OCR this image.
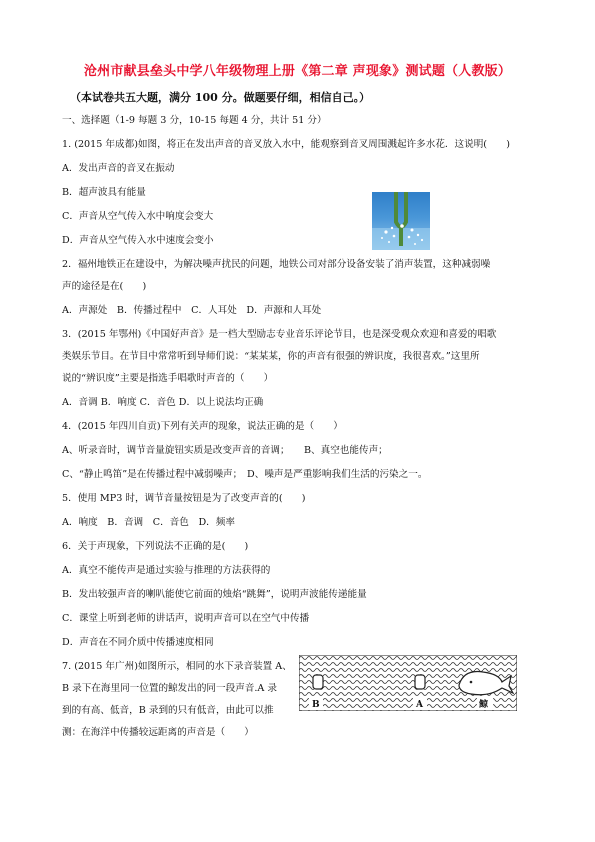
沧州市献县垒头中学八年级物理上册《第二章 声现象》测试题（人教版）
（本试卷共五大题，满分 100 分。做题要仔细，相信自己。）
一、选择题（1-9 每题 3 分，10-15 每题 4 分，共计 51 分）
1. (2015 年成都)如图，将正在发出声音的音叉放入水中，能观察到音叉周围溅起许多水花．这说明(　　)
A．发出声音的音叉在振动
B．超声波具有能量
C．声音从空气传入水中响度会变大
D．声音从空气传入水中速度会变小
2．福州地铁正在建设中，为解决噪声扰民的问题，地铁公司对部分设备安装了消声装置，这种减弱噪
声的途径是在(　　)
A．声源处　B．传播过程中　C．人耳处　D．声源和人耳处
3．(2015 年鄂州)《中国好声音》是一档大型励志专业音乐评论节目，也是深受观众欢迎和喜爱的唱歌
类娱乐节目。在节目中常常听到导师们说：“某某某，你的声音有很强的辨识度，我很喜欢。”这里所
说的“辨识度”主要是指选手唱歌时声音的（　　）
A．音调 B．响度 C．音色 D．以上说法均正确
4．(2015 年四川自贡)下列有关声的现象，说法正确的是（　　）
A、听录音时，调节音量旋钮实质是改变声音的音调；　　B、真空也能传声；
C、“静止鸣笛”是在传播过程中减弱噪声；　D、噪声是严重影响我们生活的污染之一。
5．使用 MP3 时，调节音量按钮是为了改变声音的(　　)
A．响度　B．音调　C．音色　D．频率
6．关于声现象，下列说法不正确的是(　　)
A．真空不能传声是通过实验与推理的方法获得的
B．发出较强声音的喇叭能使它前面的烛焰“跳舞”，说明声波能传递能量
C．课堂上听到老师的讲话声，说明声音可以在空气中传播
D．声音在不同介质中传播速度相同
7. (2015 年广州)如图所示，相同的水下录音装置 A、
B 录下在海里同一位置的鲸发出的同一段声音.A 录
到的有高、低音，B 录到的只有低音，由此可以推
测：在海洋中传播较远距离的声音是（　　）
B	A	鲸
